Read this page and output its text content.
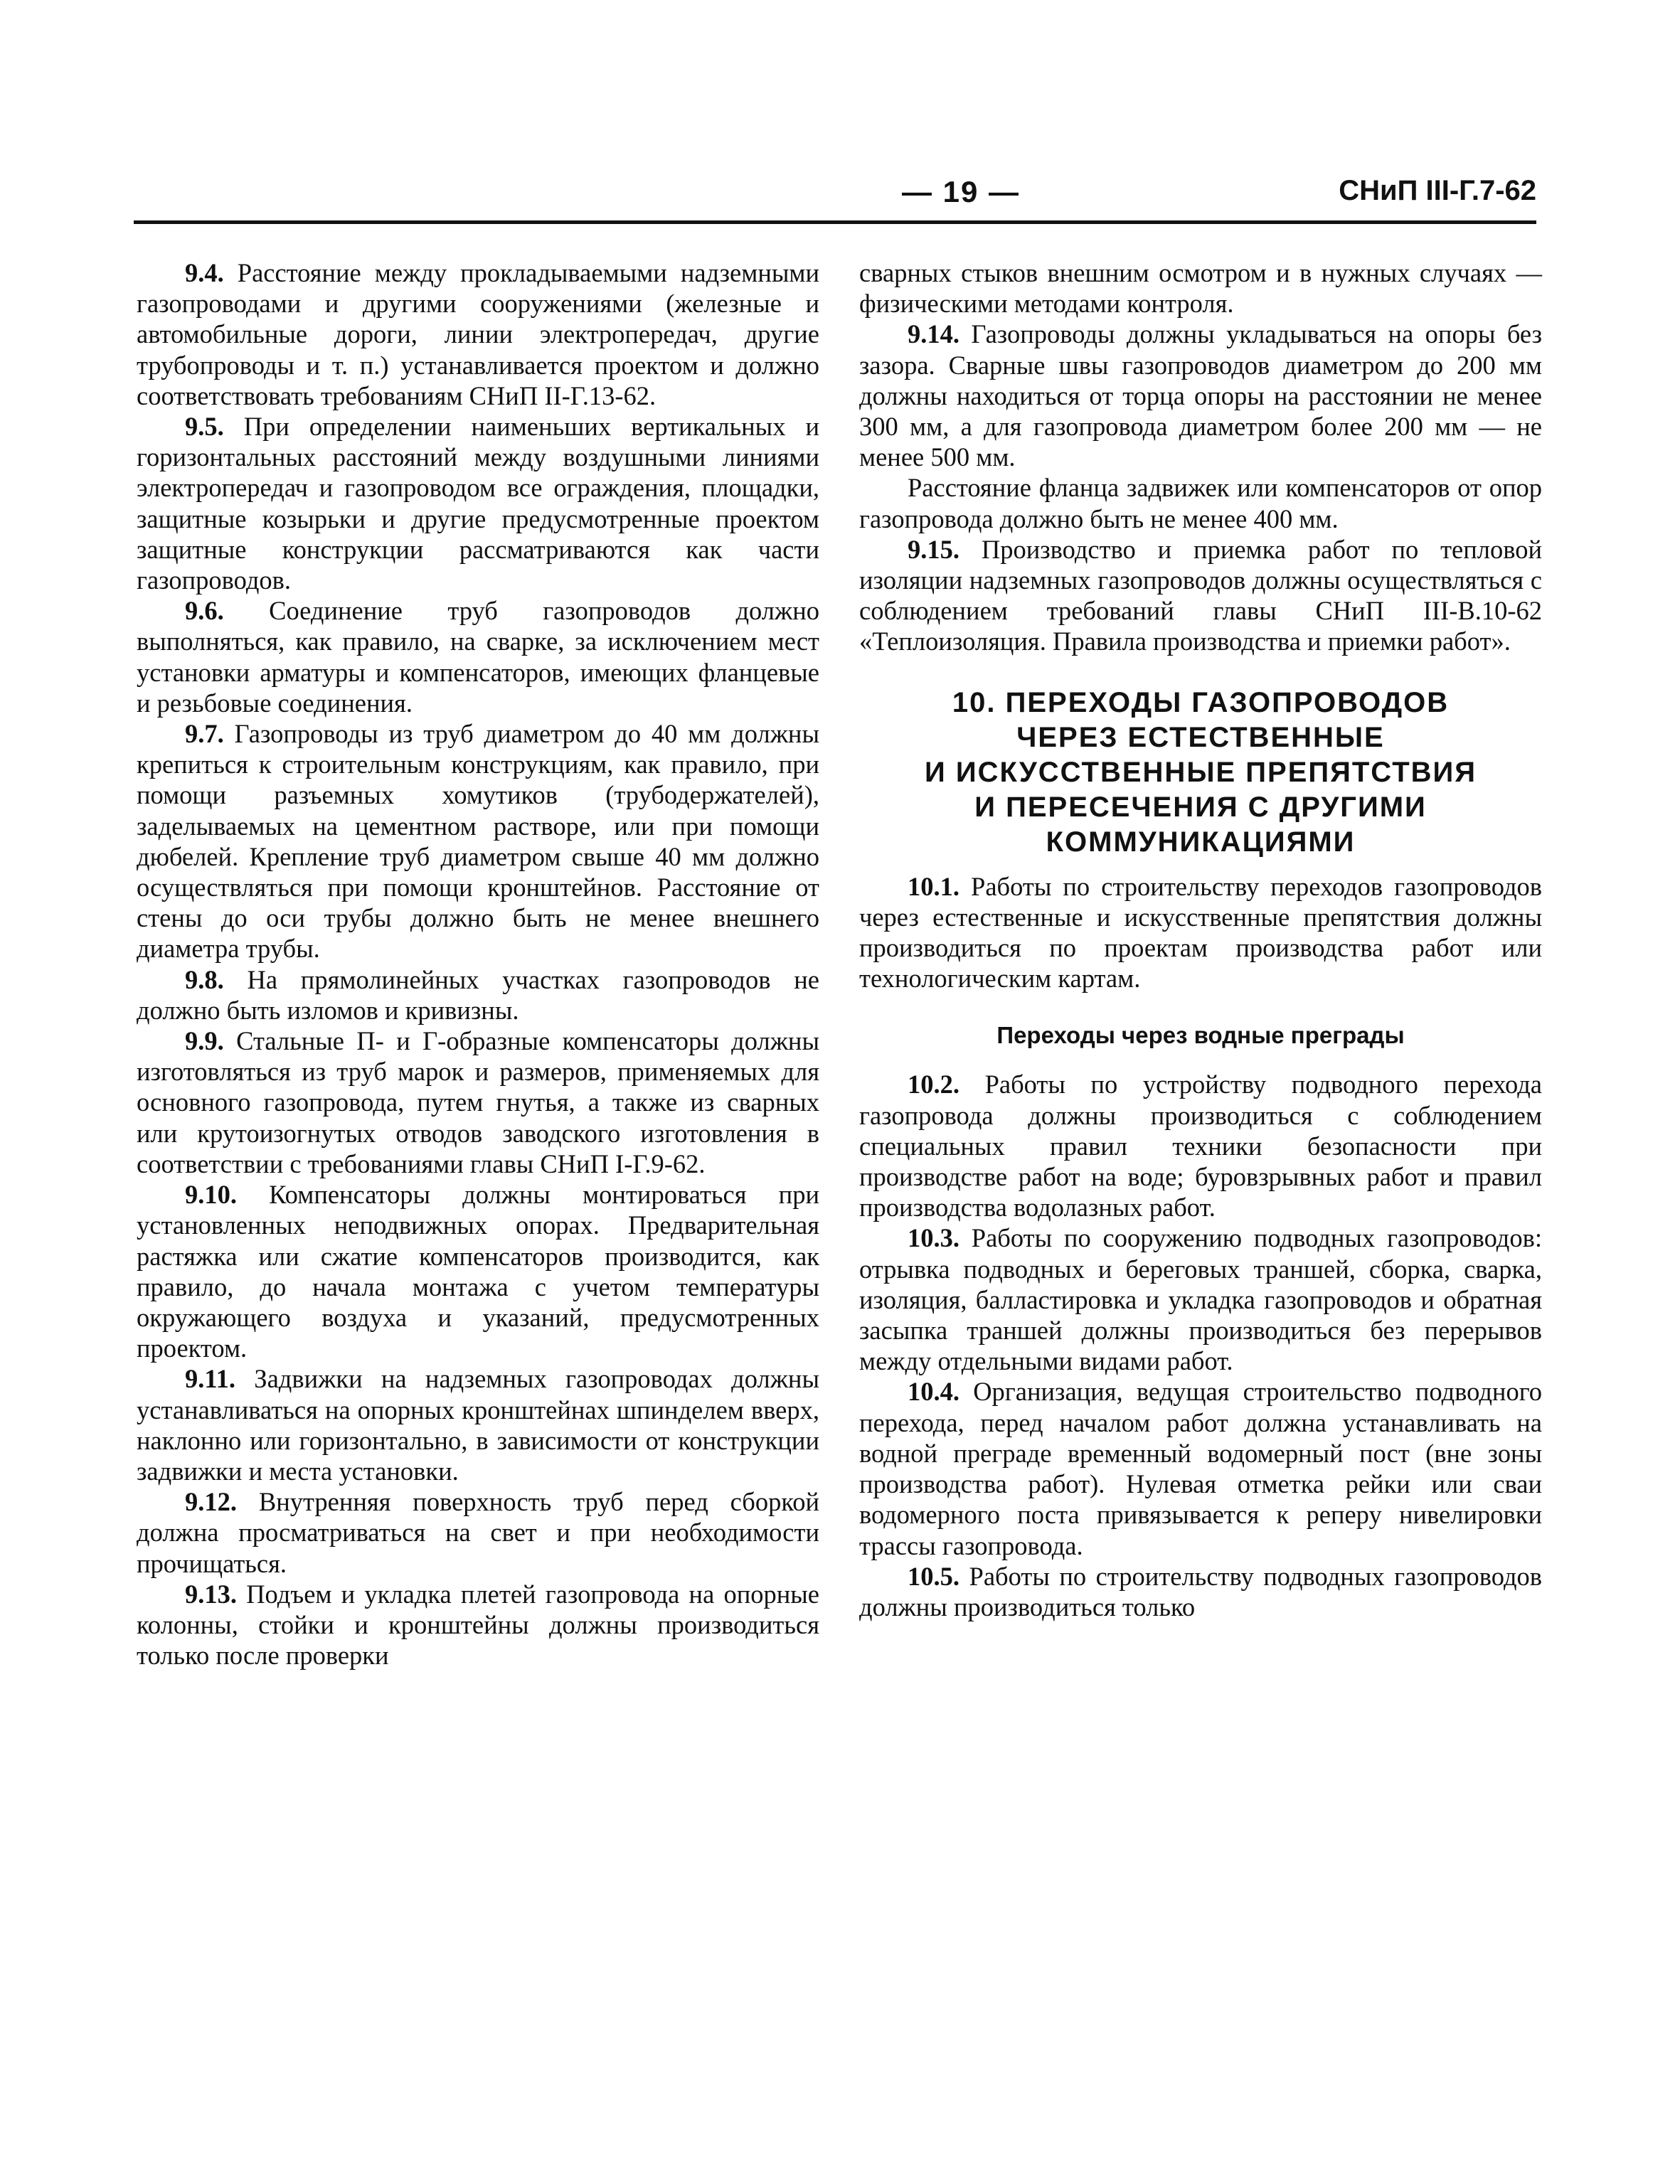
— 19 —	СНиП III-Г.7-62

9.4. Расстояние между прокладываемыми надземными газопроводами и другими сооружениями (железные и автомобильные дороги, линии электропередач, другие трубопроводы и т. п.) устанавливается проектом и должно соответствовать требованиям СНиП II-Г.13-62.

9.5. При определении наименьших вертикальных и горизонтальных расстояний между воздушными линиями электропередач и газопроводом все ограждения, площадки, защитные козырьки и другие предусмотренные проектом защитные конструкции рассматриваются как части газопроводов.

9.6. Соединение труб газопроводов должно выполняться, как правило, на сварке, за исключением мест установки арматуры и компенсаторов, имеющих фланцевые и резьбовые соединения.

9.7. Газопроводы из труб диаметром до 40 мм должны крепиться к строительным конструкциям, как правило, при помощи разъемных хомутиков (трубодержателей), заделываемых на цементном растворе, или при помощи дюбелей. Крепление труб диаметром свыше 40 мм должно осуществляться при помощи кронштейнов. Расстояние от стены до оси трубы должно быть не менее внешнего диаметра трубы.

9.8. На прямолинейных участках газопроводов не должно быть изломов и кривизны.

9.9. Стальные П- и Г-образные компенсаторы должны изготовляться из труб марок и размеров, применяемых для основного газопровода, путем гнутья, а также из сварных или крутоизогнутых отводов заводского изготовления в соответствии с требованиями главы СНиП I-Г.9-62.

9.10. Компенсаторы должны монтироваться при установленных неподвижных опорах. Предварительная растяжка или сжатие компенсаторов производится, как правило, до начала монтажа с учетом температуры окружающего воздуха и указаний, предусмотренных проектом.

9.11. Задвижки на надземных газопроводах должны устанавливаться на опорных кронштейнах шпинделем вверх, наклонно или горизонтально, в зависимости от конструкции задвижки и места установки.

9.12. Внутренняя поверхность труб перед сборкой должна просматриваться на свет и при необходимости прочищаться.

9.13. Подъем и укладка плетей газопровода на опорные колонны, стойки и кронштейны должны производиться только после проверки

сварных стыков внешним осмотром и в нужных случаях — физическими методами контроля.

9.14. Газопроводы должны укладываться на опоры без зазора. Сварные швы газопроводов диаметром до 200 мм должны находиться от торца опоры на расстоянии не менее 300 мм, а для газопровода диаметром более 200 мм — не менее 500 мм.

Расстояние фланца задвижек или компенсаторов от опор газопровода должно быть не менее 400 мм.

9.15. Производство и приемка работ по тепловой изоляции надземных газопроводов должны осуществляться с соблюдением требований главы СНиП III-В.10-62 «Теплоизоляция. Правила производства и приемки работ».

10. ПЕРЕХОДЫ ГАЗОПРОВОДОВ
ЧЕРЕЗ ЕСТЕСТВЕННЫЕ
И ИСКУССТВЕННЫЕ ПРЕПЯТСТВИЯ
И ПЕРЕСЕЧЕНИЯ С ДРУГИМИ
КОММУНИКАЦИЯМИ

10.1. Работы по строительству переходов газопроводов через естественные и искусственные препятствия должны производиться по проектам производства работ или технологическим картам.

Переходы через водные преграды

10.2. Работы по устройству подводного перехода газопровода должны производиться с соблюдением специальных правил техники безопасности при производстве работ на воде; буровзрывных работ и правил производства водолазных работ.

10.3. Работы по сооружению подводных газопроводов: отрывка подводных и береговых траншей, сборка, сварка, изоляция, балластировка и укладка газопроводов и обратная засыпка траншей должны производиться без перерывов между отдельными видами работ.

10.4. Организация, ведущая строительство подводного перехода, перед началом работ должна устанавливать на водной преграде временный водомерный пост (вне зоны производства работ). Нулевая отметка рейки или сваи водомерного поста привязывается к реперу нивелировки трассы газопровода.

10.5. Работы по строительству подводных газопроводов должны производиться только
